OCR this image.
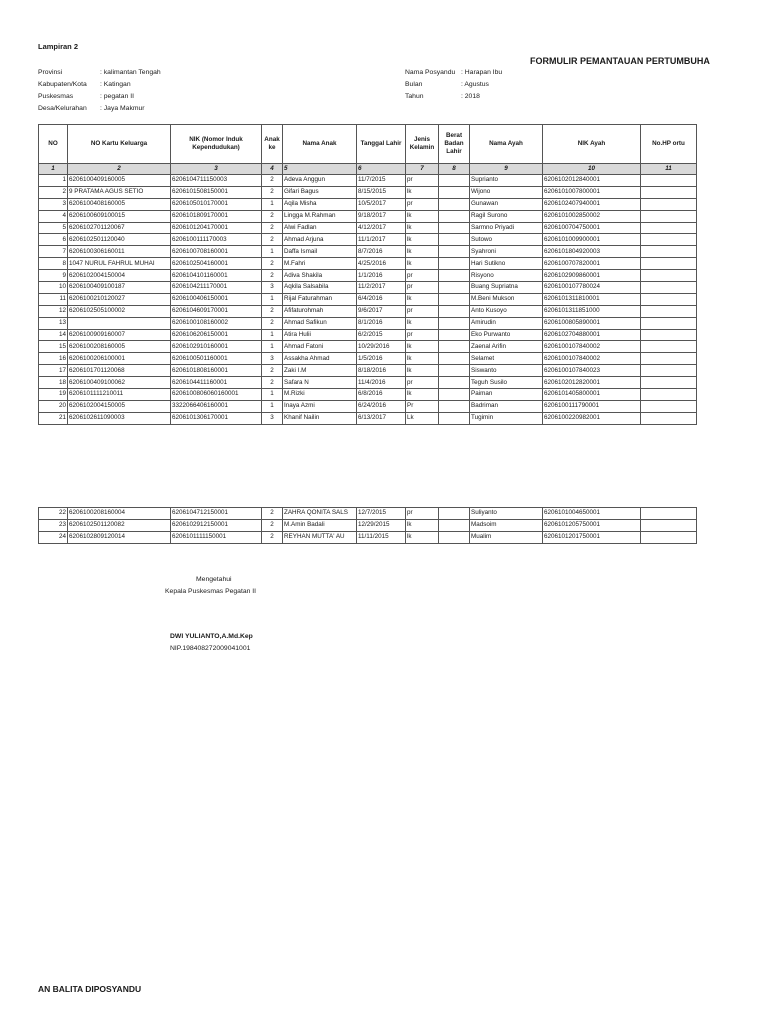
Lampiran 2
FORMULIR PEMANTAUAN PERTUMBUHA
Provinsi	: kalimantan Tengah
Kabupaten/Kota : Katingan
Puskesmas	: pegatan II
Desa/Kelurahan : Jaya Makmur
Nama Posyandu : Harapan Ibu
Bulan	: Agustus
Tahun	: 2018
NO	NO Kartu Keluarga	NIK (Nomor Induk Kependudukan)	Anak ke	Nama Anak	Tanggal Lahir	Jenis Kelamin	Berat Badan Lahir	Nama Ayah	NIK Ayah	No.HP ortu
1	2	3	4	5	6	7	8	9	10	11
1	6206100409160005	6206104711150003	2	Adeva Anggun	11/7/2015	pr		Suprianto	6206102012840001	
2	9 PRATAMA AGUS SETIO	6206101508150001	2	Gifari Bagus	8/15/2015	lk		Wijono	6206101007800001	
3	6206100408160005	6206105010170001	1	Aqila Misha	10/5/2017	pr		Gunawan	6206102407940001	
4	6206100609100015	6206101809170001	2	Lingga M.Rahman	9/18/2017	lk		Ragil Surono	6206101002850002	
5	6206102701120067	6206101204170001	2	Alwi Fadlan	4/12/2017	lk		Sarmno Priyadi	6206100704750001	
6	6206102501120040	6206100111170003	2	Ahmad Arjuna	11/1/2017	lk		Sutowo	6206101009900001	
7	6206100306160011	6206100708160001	1	Daffa Ismail	8/7/2016	lk		Syahroni	6206101804920003	
8	1047 NURUL FAHRUL MUHAI	6206102504160001	2	M.Fahri	4/25/2016	lk		Hari Sutikno	6206100707820001	
9	6206102004150004	6206104101160001	2	Adiva Shakila	1/1/2016	pr		Risyono	6206102909860001	
10	6206100409100187	6206104211170001	3	Aqkila Salsabila	11/2/2017	pr		Buang Supriatna	6206100107780024	
11	6206100210120027	6206100406150001	1	Rijal Faturahman	6/4/2016	lk		M.Beni Mukson	6206101311810001	
12	6206102505100002	6206104609170001	2	Afifaturohmah	9/6/2017	pr		Anto Kusoyo	6206101311851000	
13		6206100108160002	2	Ahmad Safikun	8/1/2016	lk		Amirudin	6206100805890001	
14	6206100909160007	6206106206150001	1	Atira Hulii	6/2/2015	pr		Eko Purwanto	6206102704880001	
15	6206100208160005	6206102910160001	1	Ahmad Fatoni	10/29/2016	lk		Zaenal Arifin	6206100107840002	
16	6206100206100001	6206100501160001	3	Assakha Ahmad	1/5/2016	lk		Selamet	6206100107840002	
17	6206101701120068	6206101808160001	2	Zaki I.M	8/18/2016	lk		Siswanto	6206100107840023	
18	6206100409100062	6206104411160001	2	Safara N	11/4/2016	pr		Teguh Susilo	6206102012820001	
19	6206101111210011	6206100806060160001	1	M.Rizki	6/8/2016	lk		Paiman	6206101405800001	
20	6206102004150005	3322066406160001	1	Inaya Azmi	6/24/2016	Pr		Badriman	6206100111790001	
21	6206102611090003	6206101306170001	3	Khanif Nailin	6/13/2017	Lk		Tugimin	6206100220982001	
22	6206100208160004	6206104712150001	2	ZAHRA QONITA SALS	12/7/2015	pr		Suliyanto	6206101004650001	
23	6206102501120082	6206102912150001	2	M.Amin Badali	12/29/2015	lk		Madsoim	6206101205750001	
24	6206102809120014	6206101111150001	2	REYHAN MUTTA' AU	11/11/2015	lk		Mualim	6206101201750001	
Mengetahui
Kepala Puskesmas Pegatan II
DWI YULIANTO,A.Md.Kep
NIP.198408272009041001
AN BALITA DIPOSYANDU
